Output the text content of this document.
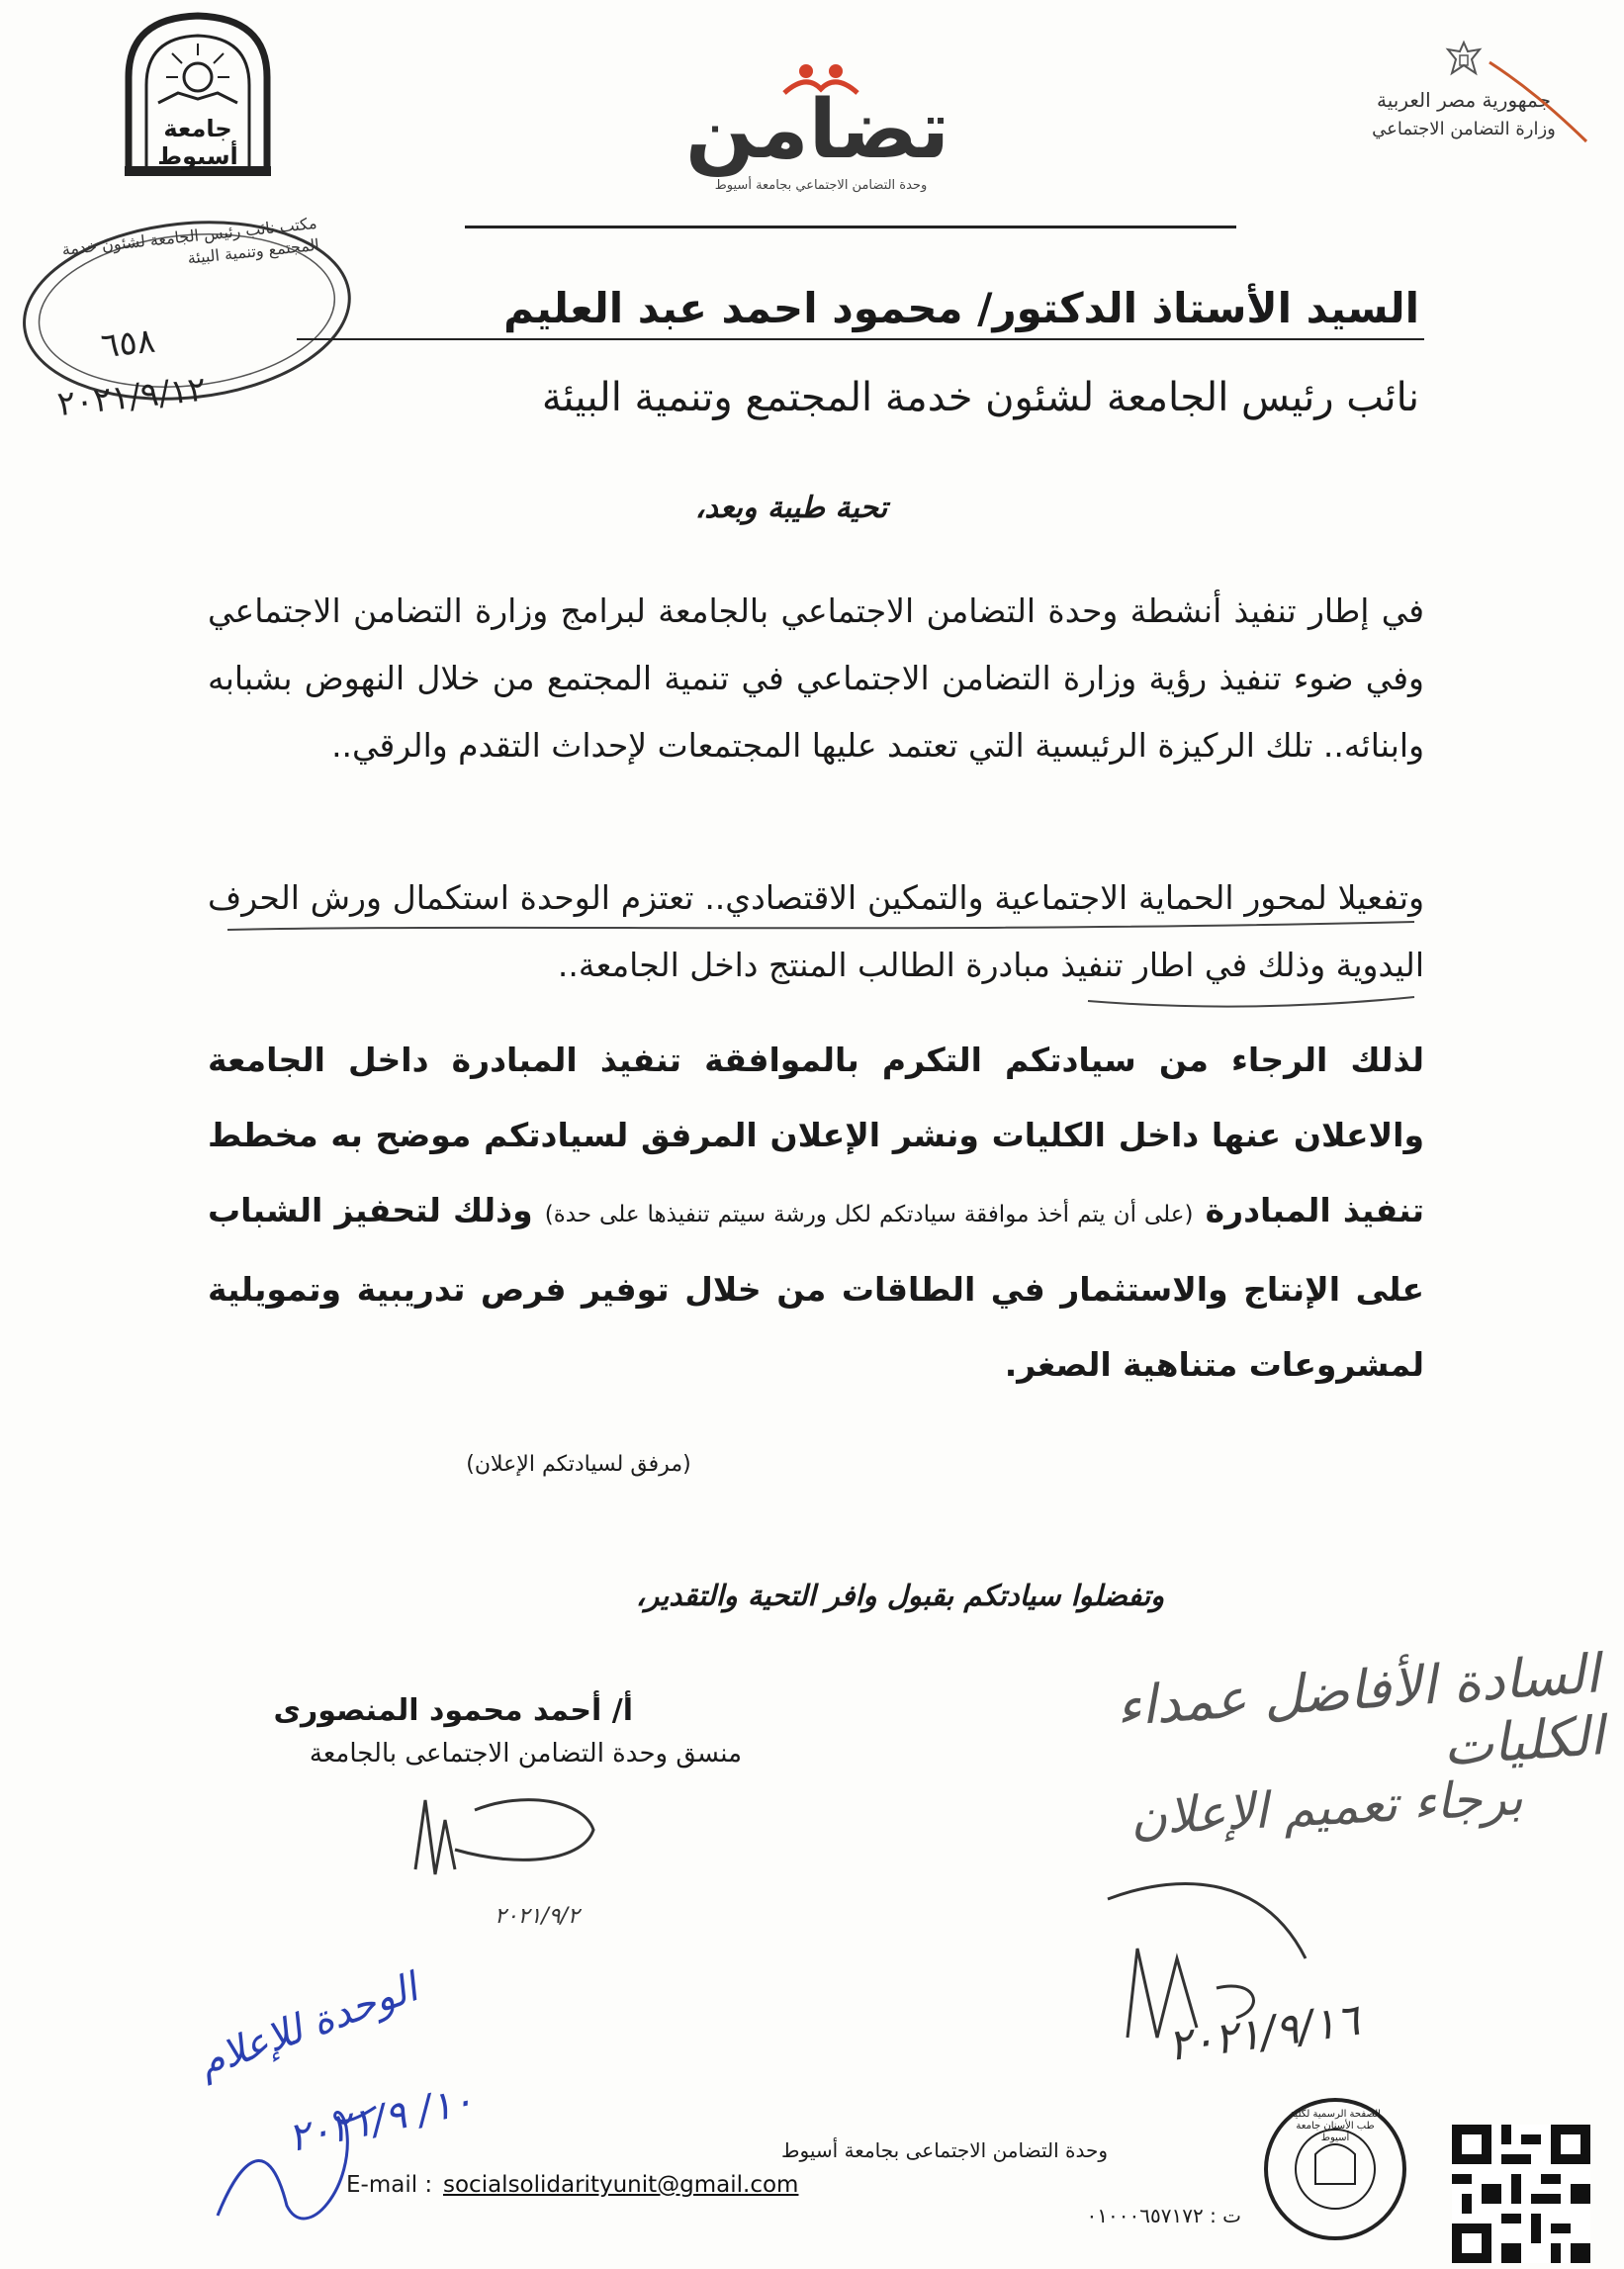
جمهورية مصر العربية
وزارة التضامن الاجتماعي
تضامن
وحدة التضامن الاجتماعي بجامعة أسيوط
جامعة أسيوط
مكتب نائب رئيس الجامعة لشئون خدمة المجتمع وتنمية البيئة
٦٥٨
٢٠٢١/٩/١٢
السيد الأستاذ الدكتور/ محمود احمد عبد العليم
نائب رئيس الجامعة لشئون خدمة المجتمع وتنمية البيئة
تحية طيبة وبعد،
في إطار تنفيذ أنشطة وحدة التضامن الاجتماعي بالجامعة لبرامج وزارة التضامن الاجتماعي وفي ضوء تنفيذ رؤية وزارة التضامن الاجتماعي في تنمية المجتمع من خلال النهوض بشبابه وابنائه.. تلك الركيزة الرئيسية التي تعتمد عليها المجتمعات لإحداث التقدم والرقي..
وتفعيلا لمحور الحماية الاجتماعية والتمكين الاقتصادي.. تعتزم الوحدة استكمال ورش الحرف اليدوية وذلك في اطار تنفيذ مبادرة الطالب المنتج داخل الجامعة..
لذلك الرجاء من سيادتكم التكرم بالموافقة تنفيذ المبادرة داخل الجامعة والاعلان عنها داخل الكليات ونشر الإعلان المرفق لسيادتكم موضح به مخطط تنفيذ المبادرة (على أن يتم أخذ موافقة سيادتكم لكل ورشة سيتم تنفيذها على حدة) وذلك لتحفيز الشباب على الإنتاج والاستثمار في الطاقات من خلال توفير فرص تدريبية وتمويلية لمشروعات متناهية الصغر.
(مرفق لسيادتكم الإعلان)
وتفضلوا سيادتكم بقبول وافر التحية والتقدير،
أ/ أحمد محمود المنصورى
منسق وحدة التضامن الاجتماعى بالجامعة
٢٠٢١/٩/٢
السادة الأفاضل عمداء الكليات
برجاء تعميم الإعلان
٢٠٢١/٩/١٦
الوحدة للإعلام
١٠/ ٢٠٢١/٩
وحدة التضامن الاجتماعى بجامعة أسيوط
E-mail : socialsolidarityunit@gmail.com
ت : ٠١٠٠٠٦٥٧١٧٢
الصفحة الرسمية لكلية طب الأسنان جامعة أسيوط
